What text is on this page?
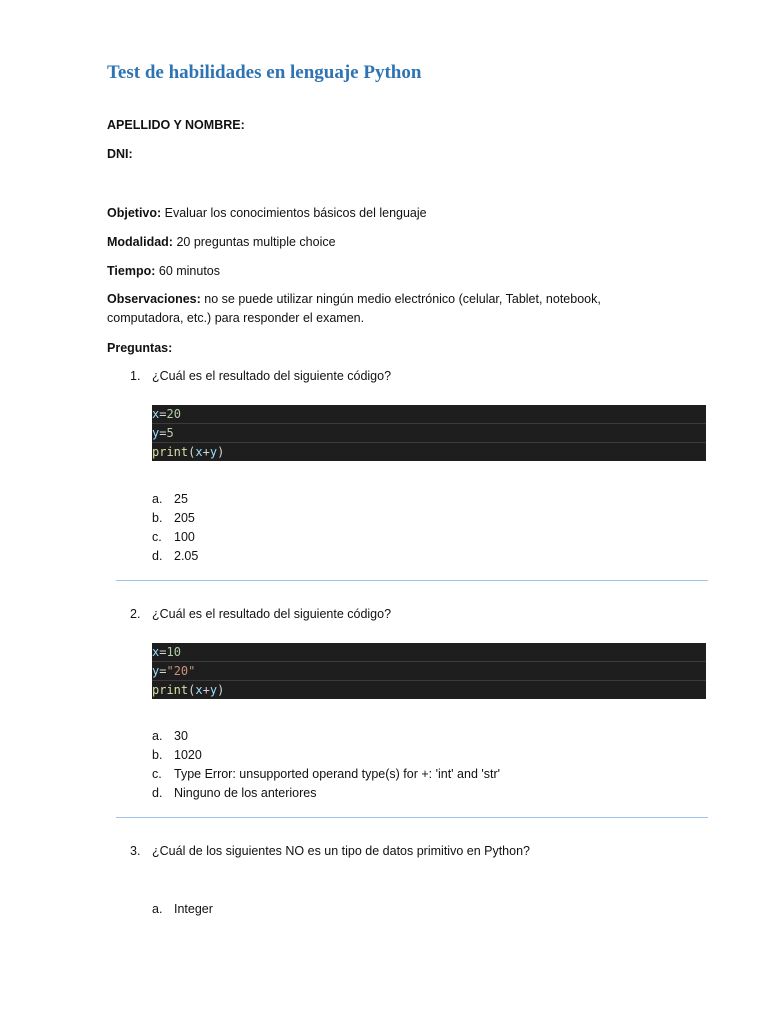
Test de habilidades en lenguaje Python

APELLIDO Y NOMBRE:

DNI:

Objetivo: Evaluar los conocimientos básicos del lenguaje

Modalidad: 20 preguntas multiple choice

Tiempo: 60 minutos

Observaciones: no se puede utilizar ningún medio electrónico (celular, Tablet, notebook, computadora, etc.) para responder el examen.

Preguntas:

1. ¿Cuál es el resultado del siguiente código?

x=20
y=5
print(x+y)
a. 25
b. 205
c. 100
d. 2.05

2. ¿Cuál es el resultado del siguiente código?

x=10
y="20"
print(x+y)
a. 30
b. 1020
c. Type Error: unsupported operand type(s) for +: 'int' and 'str'
d. Ninguno de los anteriores

3. ¿Cuál de los siguientes NO es un tipo de datos primitivo en Python?

a. Integer
